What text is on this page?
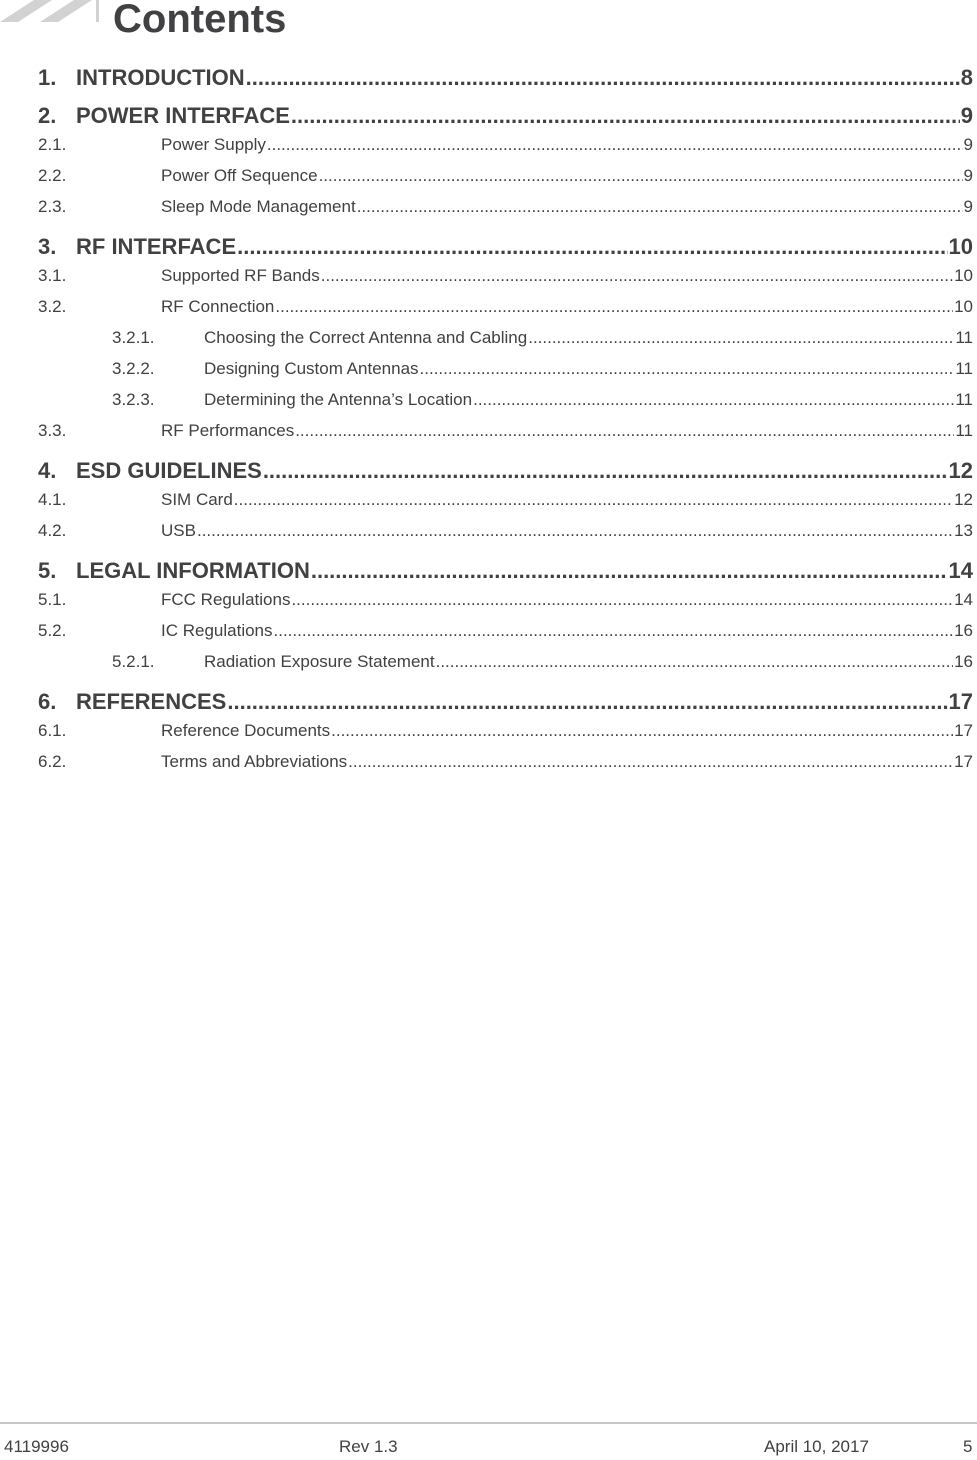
Contents
1. INTRODUCTION .....	8
2. POWER INTERFACE .....	9
2.1.	Power Supply .....	9
2.2.	Power Off Sequence .....	9
2.3.	Sleep Mode Management .....	9
3. RF INTERFACE .....	10
3.1.	Supported RF Bands .....	10
3.2.	RF Connection .....	10
3.2.1.	Choosing the Correct Antenna and Cabling .....	11
3.2.2.	Designing Custom Antennas .....	11
3.2.3.	Determining the Antenna’s Location .....	11
3.3.	RF Performances .....	11
4. ESD GUIDELINES .....	12
4.1.	SIM Card .....	12
4.2.	USB .....	13
5. LEGAL INFORMATION .....	14
5.1.	FCC Regulations .....	14
5.2.	IC Regulations .....	16
5.2.1.	Radiation Exposure Statement .....	16
6. REFERENCES .....	17
6.1.	Reference Documents .....	17
6.2.	Terms and Abbreviations .....	17
4119996	Rev 1.3	April 10, 2017	5
